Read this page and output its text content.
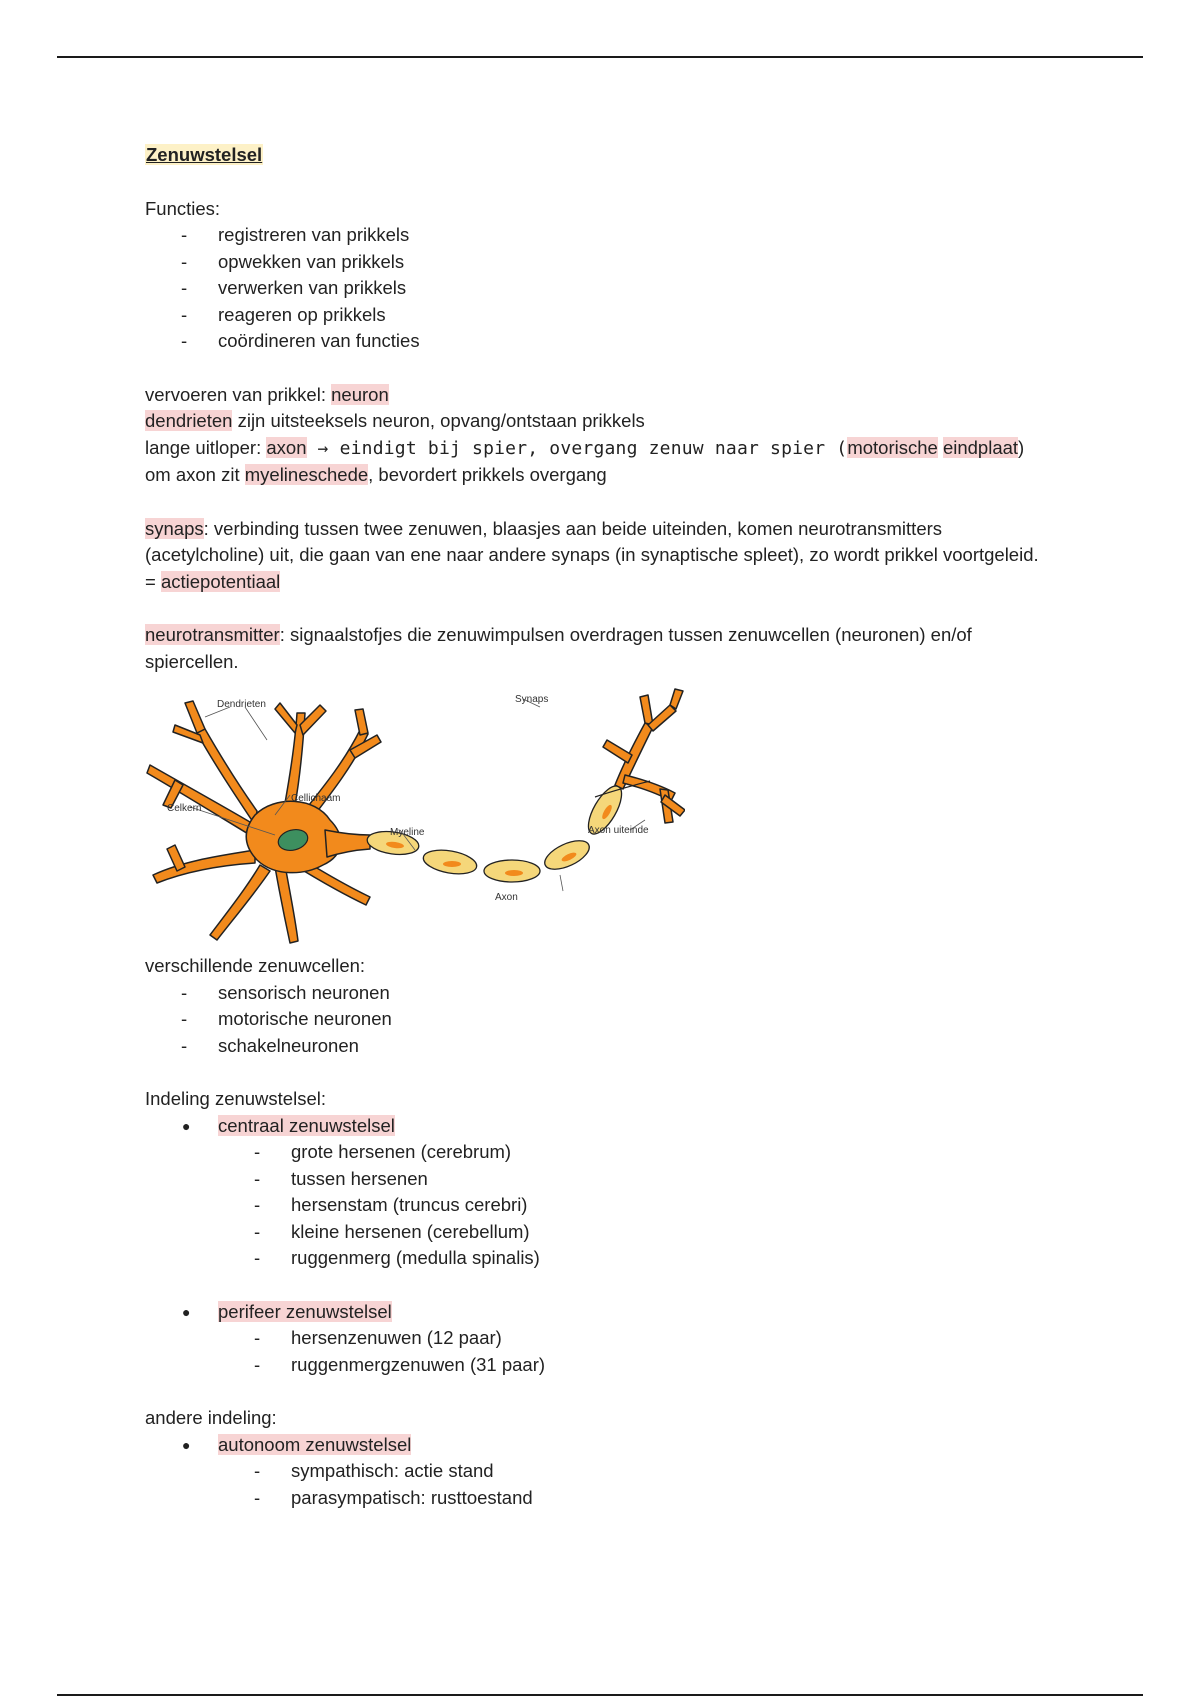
Zenuwstelsel

Functies:

- registreren van prikkels
- opwekken van prikkels
- verwerken van prikkels
- reageren op prikkels
- coördineren van functies

vervoeren van prikkel: neuron

dendrieten zijn uitsteeksels neuron, opvang/ontstaan prikkels

lange uitloper: axon → eindigt bij spier, overgang zenuw naar spier (motorische eindplaat)

om axon zit myelineschede, bevordert prikkels overgang

synaps: verbinding tussen twee zenuwen, blaasjes aan beide uiteinden, komen neurotransmitters (acetylcholine) uit, die gaan van ene naar andere synaps (in synaptische spleet), zo wordt prikkel voortgeleid. = actiepotentiaal

neurotransmitter: signaalstofjes die zenuwimpulsen overdragen tussen zenuwcellen (neuronen) en/of spiercellen.

Dendrieten	Synaps
Celkern
Cellichaam
Myeline	Axon uiteinde
Axon

verschillende zenuwcellen:

- sensorisch neuronen
- motorische neuronen
- schakelneuronen

Indeling zenuwstelsel:

● centraal zenuwstelsel
- grote hersenen (cerebrum)
- tussen hersenen
- hersenstam (truncus cerebri)
- kleine hersenen (cerebellum)
- ruggenmerg (medulla spinalis)
● perifeer zenuwstelsel
- hersenzenuwen (12 paar)
- ruggenmergzenuwen (31 paar)

andere indeling:

● autonoom zenuwstelsel
- sympathisch: actie stand
- parasympatisch: rusttoestand
